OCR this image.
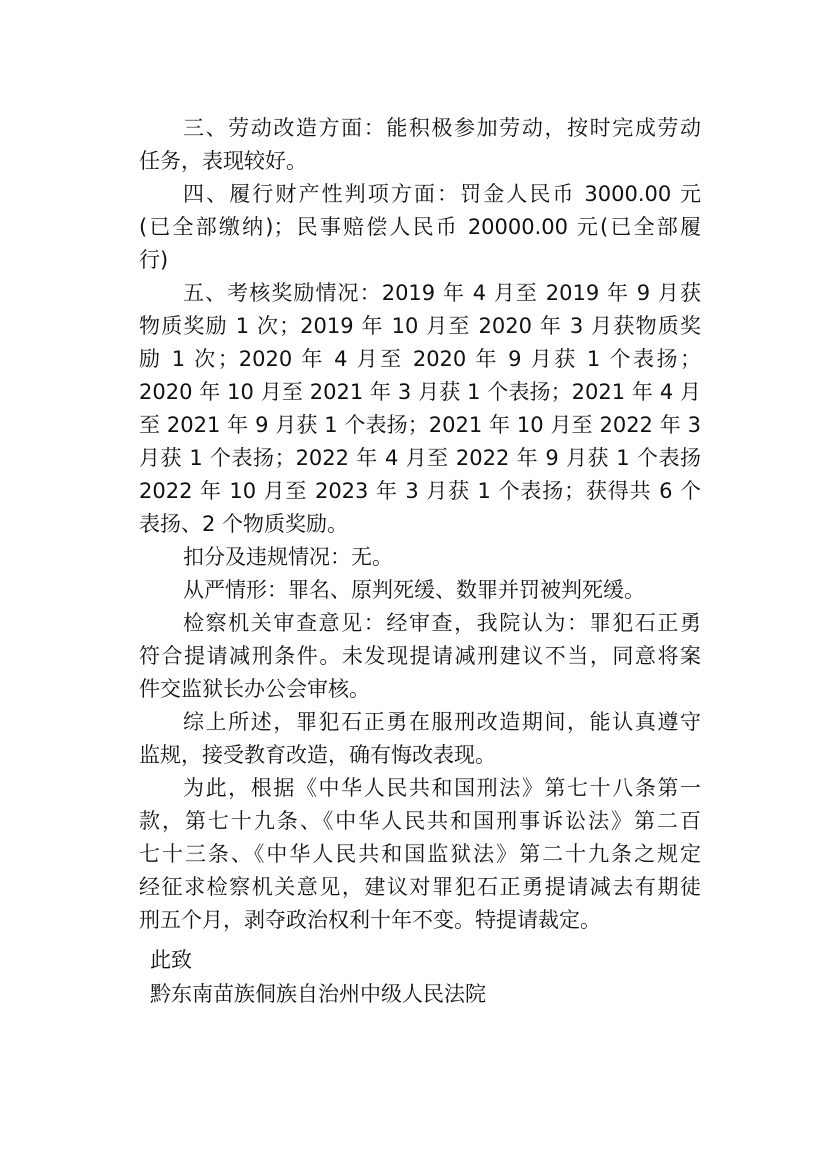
三、劳动改造方面：能积极参加劳动，按时完成劳动
任务，表现较好。
四、履行财产性判项方面：罚金人民币 3000.00 元
(已全部缴纳)；民事赔偿人民币 20000.00 元(已全部履
行)
五、考核奖励情况：2019 年 4 月至 2019 年 9 月获
物质奖励 1 次；2019 年 10 月至 2020 年 3 月获物质奖
励 1 次；2020 年 4 月至 2020 年 9 月获 1 个表扬；
2020 年 10 月至 2021 年 3 月获 1 个表扬；2021 年 4 月
至 2021 年 9 月获 1 个表扬；2021 年 10 月至 2022 年 3
月获 1 个表扬；2022 年 4 月至 2022 年 9 月获 1 个表扬
2022 年 10 月至 2023 年 3 月获 1 个表扬；获得共 6 个
表扬、2 个物质奖励。
扣分及违规情况：无。
从严情形：罪名、原判死缓、数罪并罚被判死缓。
检察机关审查意见：经审查，我院认为：罪犯石正勇
符合提请减刑条件。未发现提请减刑建议不当，同意将案
件交监狱长办公会审核。
综上所述，罪犯石正勇在服刑改造期间，能认真遵守
监规，接受教育改造，确有悔改表现。
为此，根据《中华人民共和国刑法》第七十八条第一
款，第七十九条、《中华人民共和国刑事诉讼法》第二百
七十三条、《中华人民共和国监狱法》第二十九条之规定
经征求检察机关意见，建议对罪犯石正勇提请减去有期徒
刑五个月，剥夺政治权利十年不变。特提请裁定。
此致
黔东南苗族侗族自治州中级人民法院
